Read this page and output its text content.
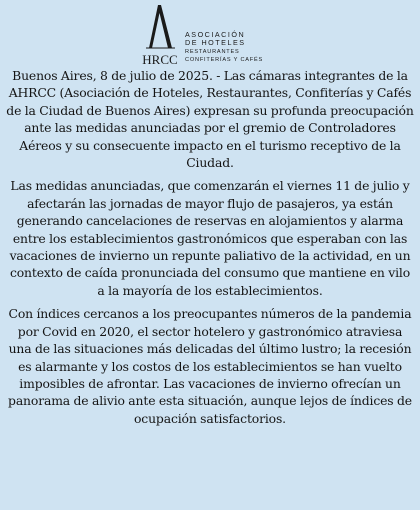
HRCC
ASOCIACIÓN
DE HOTELES
RESTAURANTES
CONFITERÍAS Y CAFÉS

Buenos Aires, 8 de julio de 2025. - Las cámaras integrantes de la AHRCC (Asociación de Hoteles, Restaurantes, Confiterías y Cafés de la Ciudad de Buenos Aires) expresan su profunda preocupación ante las medidas anunciadas por el gremio de Controladores Aéreos y su consecuente impacto en el turismo receptivo de la Ciudad.

Las medidas anunciadas, que comenzarán el viernes 11 de julio y afectarán las jornadas de mayor flujo de pasajeros, ya están generando cancelaciones de reservas en alojamientos y alarma entre los establecimientos gastronómicos que esperaban con las vacaciones de invierno un repunte paliativo de la actividad, en un contexto de caída pronunciada del consumo que mantiene en vilo a la mayoría de los establecimientos.

Con índices cercanos a los preocupantes números de la pandemia por Covid en 2020, el sector hotelero y gastronómico atraviesa una de las situaciones más delicadas del último lustro; la recesión es alarmante y los costos de los establecimientos se han vuelto imposibles de afrontar. Las vacaciones de invierno ofrecían un panorama de alivio ante esta situación, aunque lejos de índices de ocupación satisfactorios.
